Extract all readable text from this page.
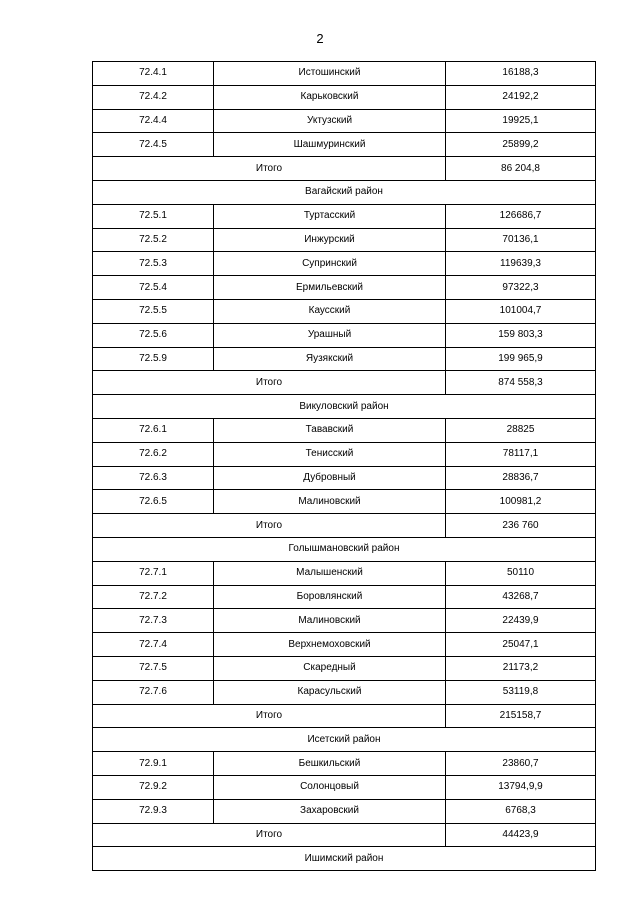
2
72.4.1	Истошинский	16188,3
72.4.2	Карьковский	24192,2
72.4.4	Уктузский	19925,1
72.4.5	Шашмуринский	25899,2
Итого		86 204,8
Вагайский район		
72.5.1	Туртасский	126686,7
72.5.2	Инжурский	70136,1
72.5.3	Супринский	119639,3
72.5.4	Ермильевский	97322,3
72.5.5	Каусский	101004,7
72.5.6	Урашный	159 803,3
72.5.9	Яузякский	199 965,9
Итого		874 558,3
Викуловский район		
72.6.1	Тававский	28825
72.6.2	Тенисский	78117,1
72.6.3	Дубровный	28836,7
72.6.5	Малиновский	100981,2
Итого		236 760
Голышмановский район		
72.7.1	Малышенский	50110
72.7.2	Боровлянский	43268,7
72.7.3	Малиновский	22439,9
72.7.4	Верхнемоховский	25047,1
72.7.5	Скаредный	21173,2
72.7.6	Карасульский	53119,8
Итого		215158,7
Исетский район		
72.9.1	Бешкильский	23860,7
72.9.2	Солонцовый	13794,9,9
72.9.3	Захаровский	6768,3
Итого		44423,9
Ишимский район		
